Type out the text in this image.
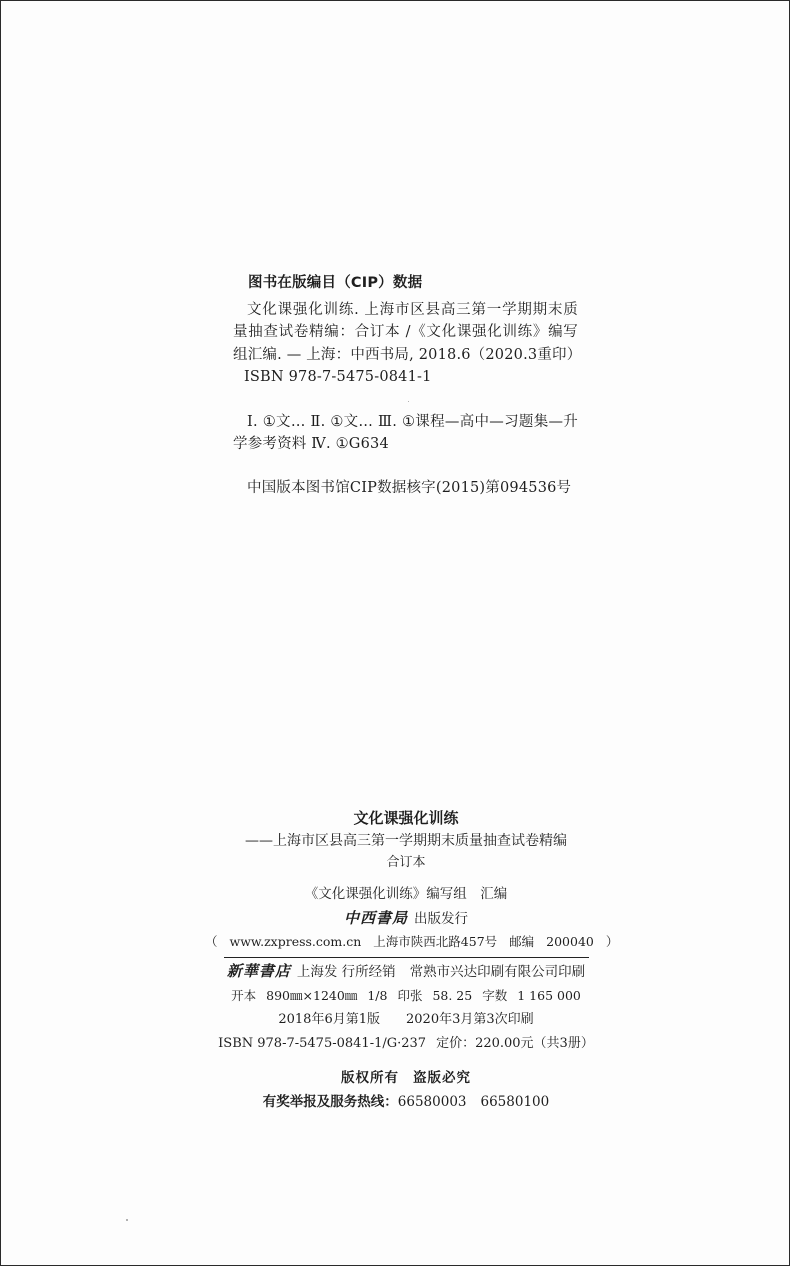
图书在版编目（CIP）数据

文化课强化训练. 上海市区县高三第一学期期末质量抽查试卷精编：合订本 /《文化课强化训练》编写组汇编. — 上海：中西书局, 2018.6（2020.3重印）

ISBN 978-7-5475-0841-1

Ⅰ. ①文… Ⅱ. ①文… Ⅲ. ①课程—高中—习题集—升学参考资料 Ⅳ. ①G634

中国版本图书馆CIP数据核字(2015)第094536号
文化课强化训练
——上海市区县高三第一学期期末质量抽查试卷精编
合订本
《文化课强化训练》编写组　汇编
中西書局 出版发行
（ www.zxpress.com.cn 上海市陕西北路457号 邮编 200040 ）
新華書店 上海发 行所经销 常熟市兴达印刷有限公司印刷
开本 890㎜×1240㎜ 1/8 印张 58. 25 字数 1 165 000
2018年6月第1版 2020年3月第3次印刷
ISBN 978-7-5475-0841-1/G·237 定价：220.00元（共3册）
版权所有 盗版必究
有奖举报及服务热线：66580003 66580100
